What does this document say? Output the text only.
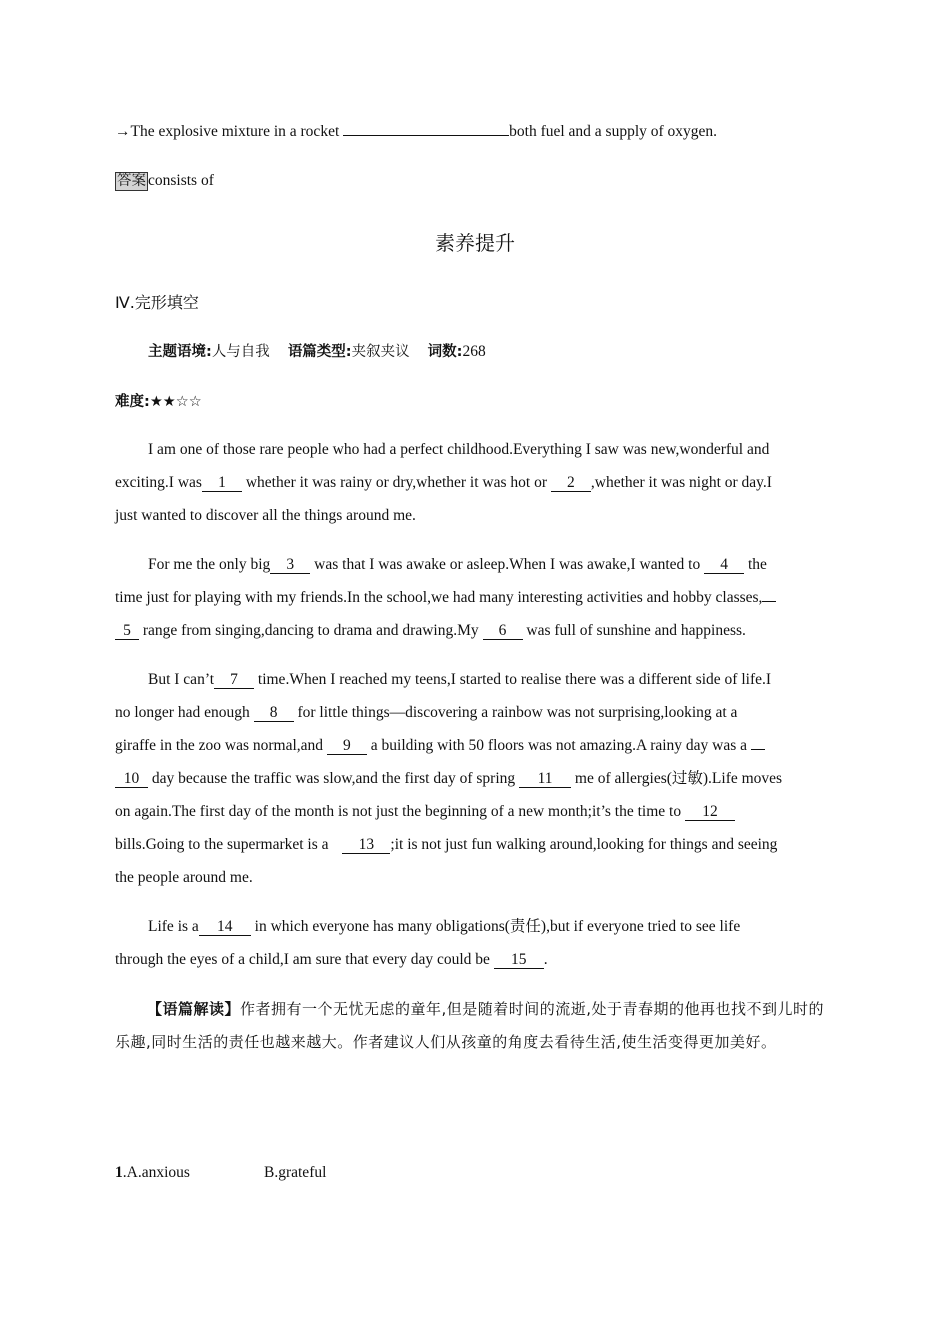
→The explosive mixture in a rocket	both fuel and a supply of oxygen.
答案 consists of
素养提升
Ⅳ.完形填空
主题语境:人与自我 语篇类型:夹叙夹议 词数:268
难度:★★☆☆
I am one of those rare people who had a perfect childhood.Everything I saw was new,wonderful and
exciting.I was 1 whether it was rainy or dry,whether it was hot or 2 ,whether it was night or day.I
just wanted to discover all the things around me.
For me the only big 3 was that I was awake or asleep.When I was awake,I wanted to 4 the
time just for playing with my friends.In the school,we had many interesting activities and hobby classes,
5 range from singing,dancing to drama and drawing.My 6 was full of sunshine and happiness.
But I can’t 7 time.When I reached my teens,I started to realise there was a different side of life.I
no longer had enough 8 for little things—discovering a rainbow was not surprising,looking at a
giraffe in the zoo was normal,and 9 a building with 50 floors was not amazing.A rainy day was a
10 day because the traffic was slow,and the first day of spring 11 me of allergies(过敏).Life moves
on again.The first day of the month is not just the beginning of a new month;it’s the time to 12
bills.Going to the supermarket is a 13 ;it is not just fun walking around,looking for things and seeing
the people around me.
Life is a 14 in which everyone has many obligations(责任),but if everyone tried to see life
through the eyes of a child,I am sure that every day could be 15 .
【语篇解读】作者拥有一个无忧无虑的童年,但是随着时间的流逝,处于青春期的他再也找不到儿时的乐趣,同时生活的责任也越来越大。作者建议人们从孩童的角度去看待生活,使生活变得更加美好。
1.A.anxious	B.grateful
